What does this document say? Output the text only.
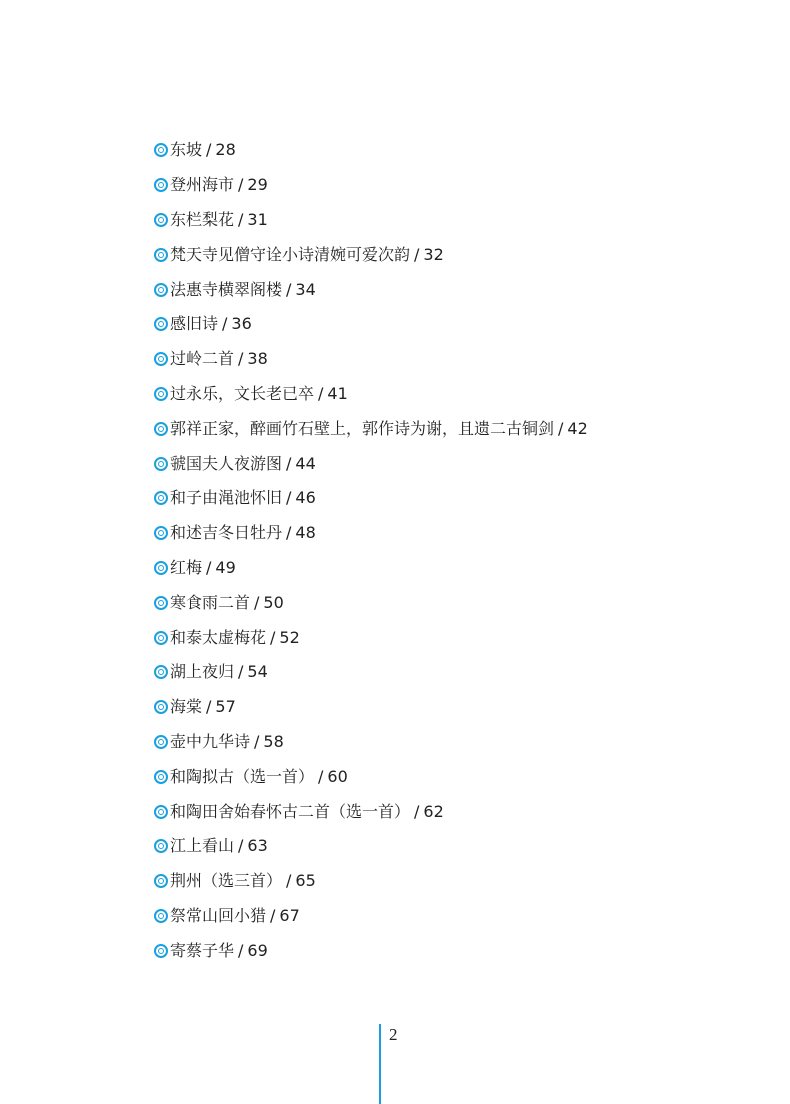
东坡 / 28
登州海市 / 29
东栏梨花 / 31
梵天寺见僧守诠小诗清婉可爱次韵 / 32
法惠寺横翠阁楼 / 34
感旧诗 / 36
过岭二首 / 38
过永乐，文长老已卒 / 41
郭祥正家，醉画竹石壁上，郭作诗为谢，且遗二古铜剑 / 42
虢国夫人夜游图 / 44
和子由渑池怀旧 / 46
和述吉冬日牡丹 / 48
红梅 / 49
寒食雨二首 / 50
和泰太虚梅花 / 52
湖上夜归 / 54
海棠 / 57
壶中九华诗 / 58
和陶拟古（选一首） / 60
和陶田舍始春怀古二首（选一首） / 62
江上看山 / 63
荆州（选三首） / 65
祭常山回小猎 / 67
寄蔡子华 / 69
2
